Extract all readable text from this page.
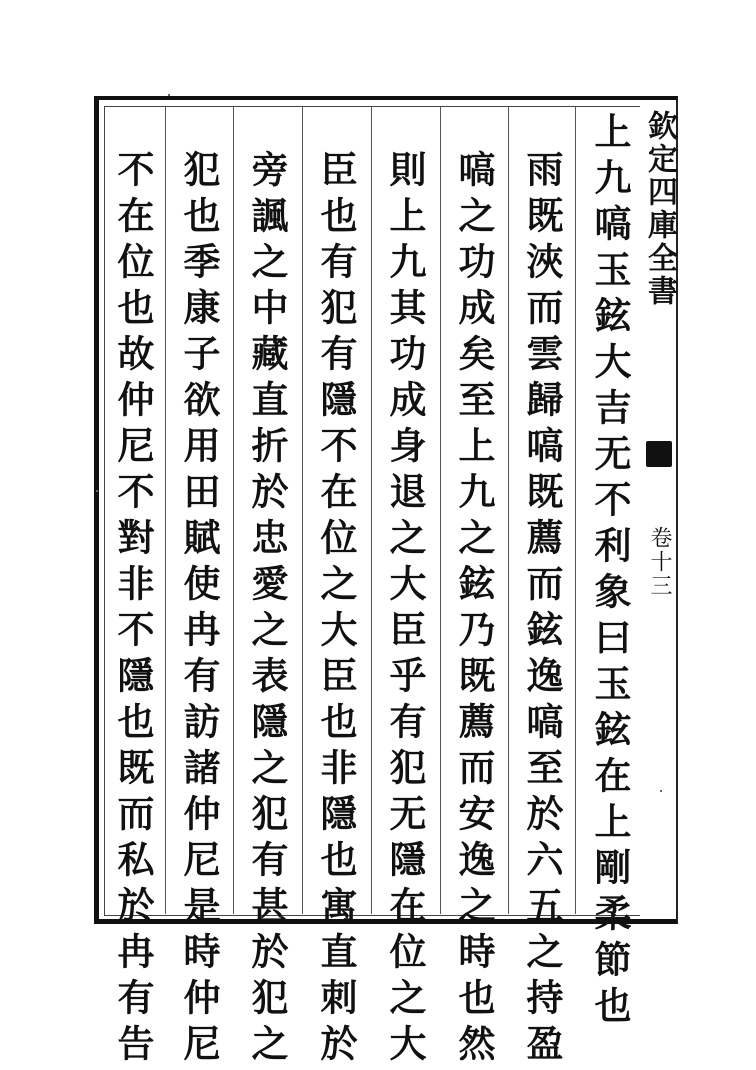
上九嗃玉鉉大吉无不利象曰玉鉉在上剛柔節也
雨既浹而雲歸嗃既薦而鉉逸嗃至於六五之持盈
嗃之功成矣至上九之鉉乃既薦而安逸之時也然
則上九其功成身退之大臣乎有犯无隱在位之大
臣也有犯有隱不在位之大臣也非隱也寓直刺於
旁諷之中藏直折於忠愛之表隱之犯有甚於犯之
犯也季康子欲用田賦使冉有訪諸仲尼是時仲尼
不在位也故仲尼不對非不隱也既而私於冉有告	欽定四庫全書
卷十三
